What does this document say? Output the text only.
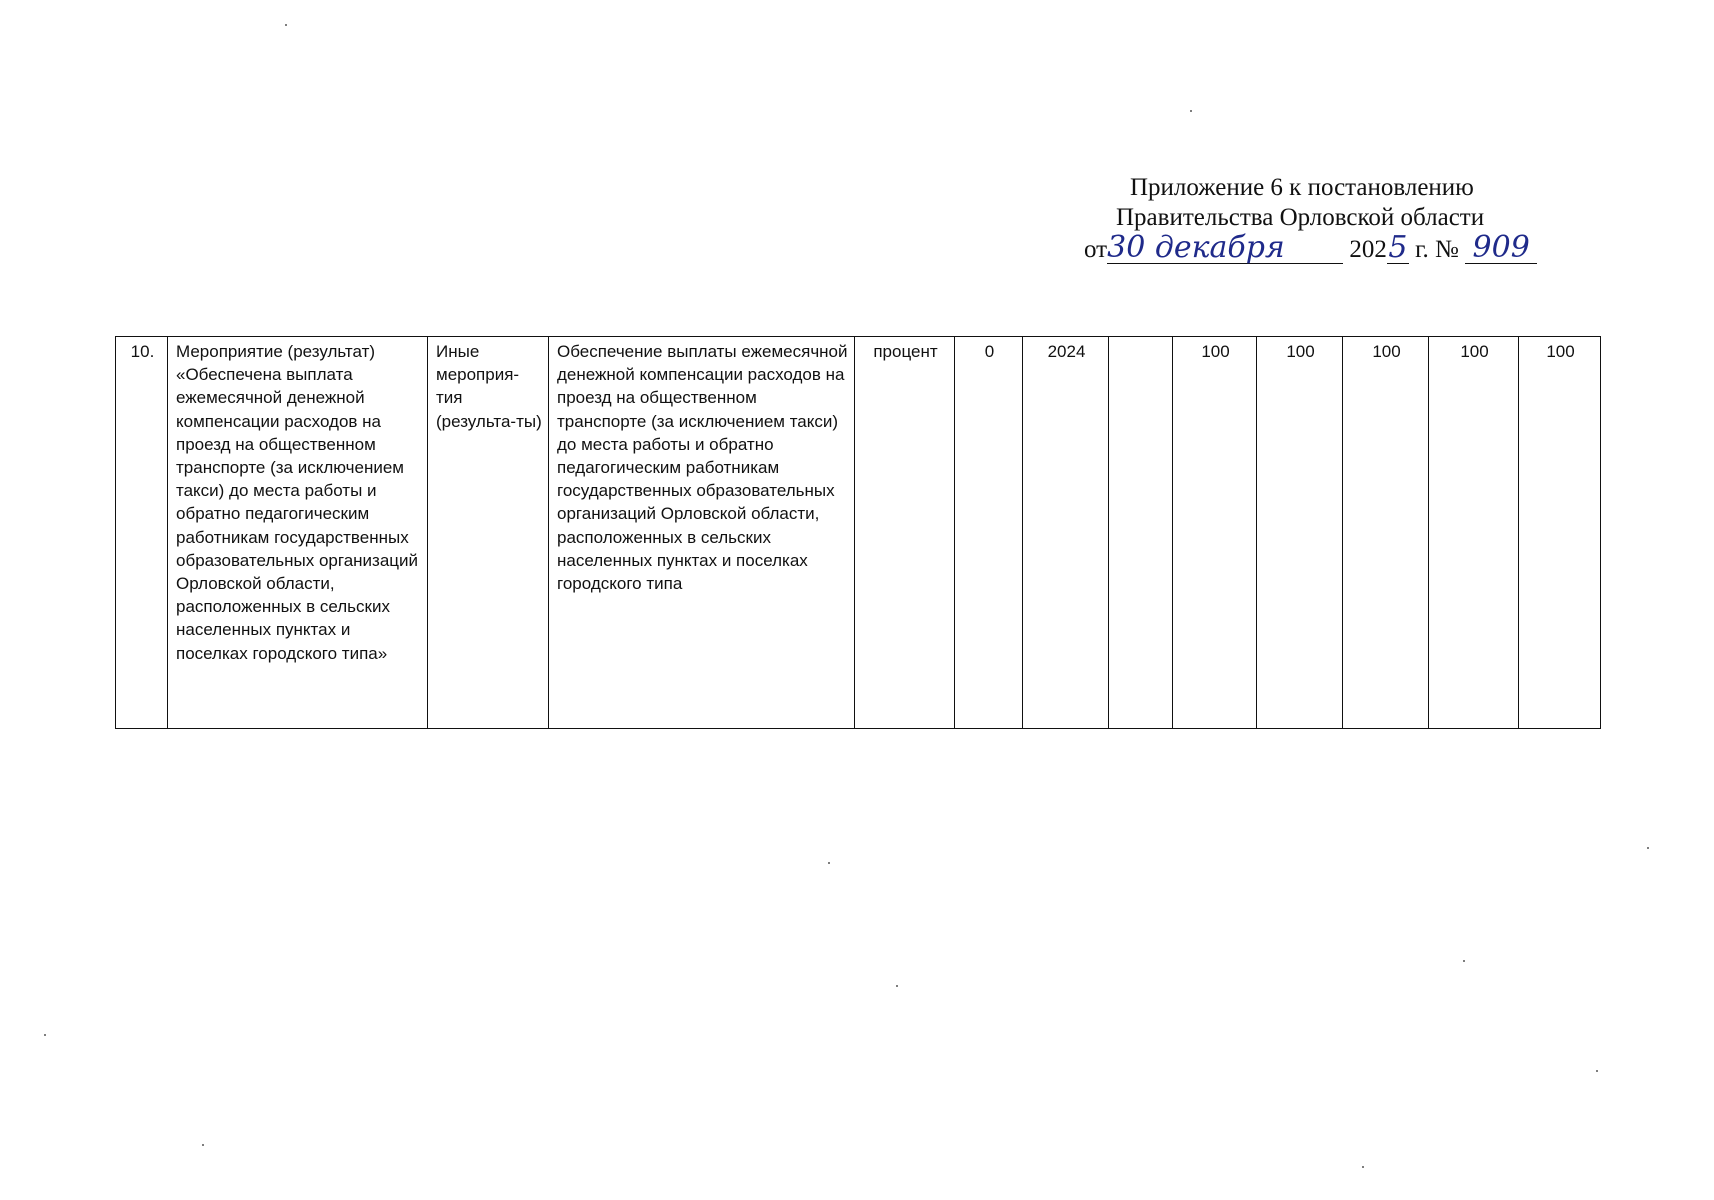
Приложение 6 к постановлению
Правительства Орловской области
от30 декабря	2025 г. № 909
10.	Мероприятие (результат) «Обеспечена выплата ежемесячной денежной компенсации расходов на проезд на общественном транспорте (за исключением такси) до места работы и обратно педагогическим работникам государственных образовательных организаций Орловской области, расположенных в сельских населенных пунктах и поселках городского типа»	Иные мероприя-тия (результа-ты)	Обеспечение выплаты ежемесячной денежной компенсации расходов на проезд на общественном транспорте (за исключением такси) до места работы и обратно педагогическим работникам государственных образовательных организаций Орловской области, расположенных в сельских населенных пунктах и поселках городского типа	процент	0	2024		100	100	100	100	100
